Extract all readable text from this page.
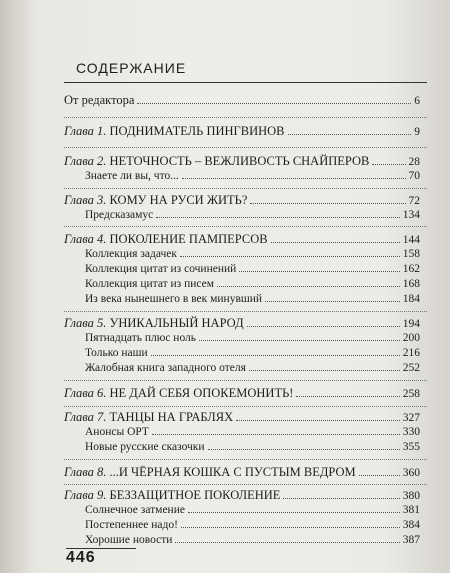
СОДЕРЖАНИЕ
От редактора	6
Глава 1. ПОДНИМАТЕЛЬ ПИНГВИНОВ	9
Глава 2. НЕТОЧНОСТЬ – ВЕЖЛИВОСТЬ СНАЙПЕРОВ	28
Знаете ли вы, что...	70
Глава 3. КОМУ НА РУСИ ЖИТЬ?	72
Предсказамус	134
Глава 4. ПОКОЛЕНИЕ ПАМПЕРСОВ	144
Коллекция задачек	158
Коллекция цитат из сочинений	162
Коллекция цитат из писем	168
Из века нынешнего в век минувший	184
Глава 5. УНИКАЛЬНЫЙ НАРОД	194
Пятнадцать плюс ноль	200
Только наши	216
Жалобная книга западного отеля	252
Глава 6. НЕ ДАЙ СЕБЯ ОПОКЕМОНИТЬ!	258
Глава 7. ТАНЦЫ НА ГРАБЛЯХ	327
Анонсы ОРТ	330
Новые русские сказочки	355
Глава 8. ...И ЧЁРНАЯ КОШКА С ПУСТЫМ ВЕДРОМ	360
Глава 9. БЕЗЗАЩИТНОЕ ПОКОЛЕНИЕ	380
Солнечное затмение	381
Постепеннее надо!	384
Хорошие новости	387
446
